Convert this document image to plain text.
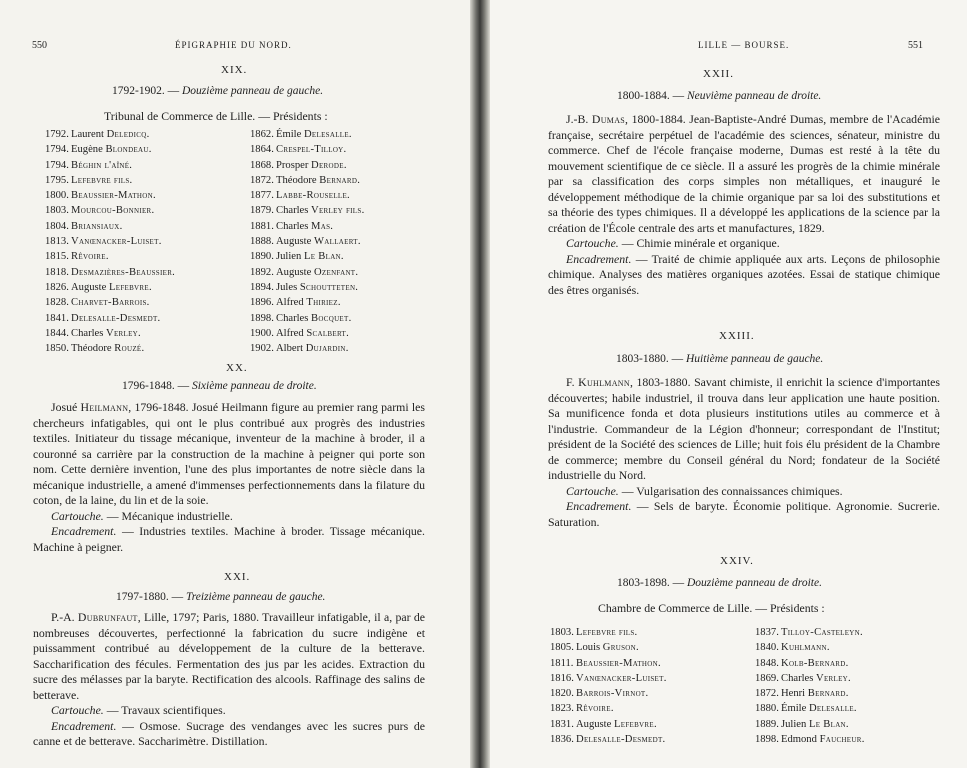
550	ÉPIGRAPHIE DU NORD.
XIX.
1792-1902. — Douzième panneau de gauche.
Tribunal de Commerce de Lille. — Présidents :
1792. Laurent Deledicq.
1794. Eugène Blondeau.
1794. Béghin l'aîné.
1795. Lefebvre fils.
1800. Beaussier-Mathon.
1803. Mourcou-Bonnier.
1804. Briansiaux.
1813. Vanœnacker-Luiset.
1815. Rêvoire.
1818. Desmazières-Beaussier.
1826. Auguste Lefebvre.
1828. Charvet-Barrois.
1841. Delesalle-Desmedt.
1844. Charles Verley.
1850. Théodore Rouzé.
1862. Émile Delesalle.
1864. Crespel-Tilloy.
1868. Prosper Derode.
1872. Théodore Bernard.
1877. Labbe-Rouselle.
1879. Charles Verley fils.
1881. Charles Mas.
1888. Auguste Wallaert.
1890. Julien Le Blan.
1892. Auguste Ozenfant.
1894. Jules Schoutteten.
1896. Alfred Thiriez.
1898. Charles Bocquet.
1900. Alfred Scalbert.
1902. Albert Dujardin.
XX.
1796-1848. — Sixième panneau de droite.

Josué Heilmann, 1796-1848. Josué Heilmann figure au premier rang parmi les chercheurs infatigables, qui ont le plus contribué aux progrès des industries textiles. Initiateur du tissage mécanique, inventeur de la machine à broder, il a couronné sa carrière par la construction de la machine à peigner qui porte son nom. Cette dernière invention, l'une des plus importantes de notre siècle dans la mécanique industrielle, a amené d'immenses perfectionnements dans la filature du coton, de la laine, du lin et de la soie.

Cartouche. — Mécanique industrielle.

Encadrement. — Industries textiles. Machine à broder. Tissage mécanique. Machine à peigner.

XXI.
1797-1880. — Treizième panneau de gauche.

P.-A. Dubrunfaut, Lille, 1797; Paris, 1880. Travailleur infatigable, il a, par de nombreuses découvertes, perfectionné la fabrication du sucre indigène et puissamment contribué au développement de la culture de la betterave. Saccharification des fécules. Fermentation des jus par les acides. Extraction du sucre des mélasses par la baryte. Rectification des alcools. Raffinage des salins de betterave.

Cartouche. — Travaux scientifiques.

Encadrement. — Osmose. Sucrage des vendanges avec les sucres purs de canne et de betterave. Saccharimètre. Distillation.

LILLE — BOURSE.	551
XXII.
1800-1884. — Neuvième panneau de droite.

J.-B. Dumas, 1800-1884. Jean-Baptiste-André Dumas, membre de l'Académie française, secrétaire perpétuel de l'académie des sciences, sénateur, ministre du commerce. Chef de l'école française moderne, Dumas est resté à la tête du mouvement scientifique de ce siècle. Il a assuré les progrès de la chimie minérale par sa classification des corps simples non métalliques, et inauguré le développement méthodique de la chimie organique par sa loi des substitutions et sa théorie des types chimiques. Il a développé les applications de la science par la création de l'École centrale des arts et manufactures, 1829.

Cartouche. — Chimie minérale et organique.

Encadrement. — Traité de chimie appliquée aux arts. Leçons de philosophie chimique. Analyses des matières organiques azotées. Essai de statique chimique des êtres organisés.

XXIII.
1803-1880. — Huitième panneau de gauche.

F. Kuhlmann, 1803-1880. Savant chimiste, il enrichit la science d'importantes découvertes; habile industriel, il trouva dans leur application une haute position. Sa munificence fonda et dota plusieurs institutions utiles au commerce et à l'industrie. Commandeur de la Légion d'honneur; correspondant de l'Institut; président de la Société des sciences de Lille; huit fois élu président de la Chambre de commerce; membre du Conseil général du Nord; fondateur de la Société industrielle du Nord.

Cartouche. — Vulgarisation des connaissances chimiques.

Encadrement. — Sels de baryte. Économie politique. Agronomie. Sucrerie. Saturation.

XXIV.
1803-1898. — Douzième panneau de droite.
Chambre de Commerce de Lille. — Présidents :
1803. Lefebvre fils.
1805. Louis Gruson.
1811. Beaussier-Mathon.
1816. Vanœnacker-Luiset.
1820. Barrois-Virnot.
1823. Rêvoire.
1831. Auguste Lefebvre.
1836. Delesalle-Desmedt.
1837. Tilloy-Casteleyn.
1840. Kuhlmann.
1848. Kolb-Bernard.
1869. Charles Verley.
1872. Henri Bernard.
1880. Émile Delesalle.
1889. Julien Le Blan.
1898. Edmond Faucheur.
